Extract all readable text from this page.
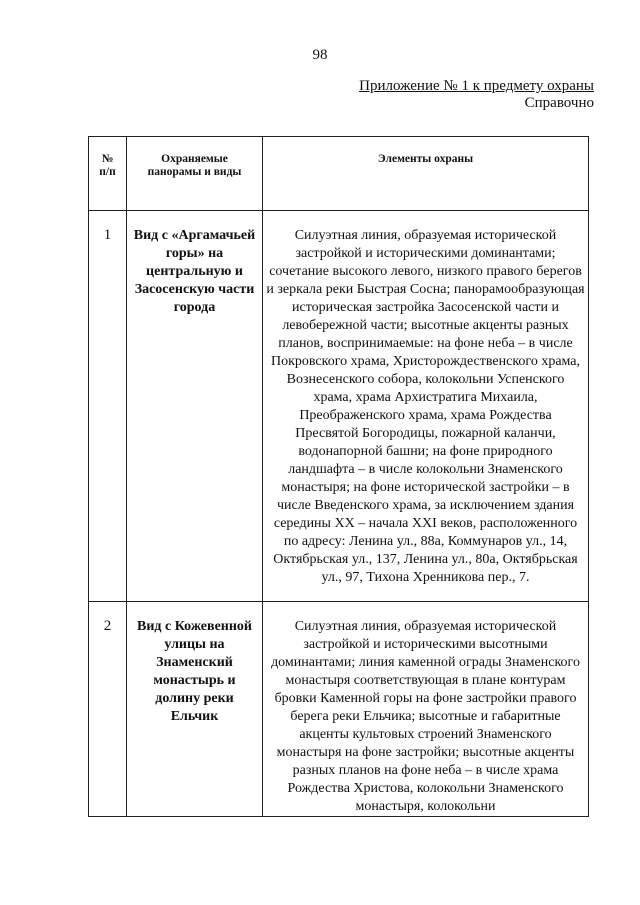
98
Приложение № 1 к предмету охраны
Справочно
№ п/п	Охраняемые панорамы и виды	Элементы охраны
1	Вид с «Аргамачьей горы» на центральную и Засосенскую части города	Силуэтная линия, образуемая исторической застройкой и историческими доминантами; сочетание высокого левого, низкого правого берегов и зеркала реки Быстрая Сосна; панорамообразующая историческая застройка Засосенской части и левобережной части; высотные акценты разных планов, воспринимаемые: на фоне неба – в числе Покровского храма, Христорождественского храма, Вознесенского собора, колокольни Успенского храма, храма Архистратига Михаила, Преображенского храма, храма Рождества Пресвятой Богородицы, пожарной каланчи, водонапорной башни; на фоне природного ландшафта – в числе колокольни Знаменского монастыря; на фоне исторической застройки – в числе Введенского храма, за исключением здания середины XX – начала XXI веков, расположенного по адресу: Ленина ул., 88а, Коммунаров ул., 14, Октябрьская ул., 137, Ленина ул., 80а, Октябрьская ул., 97, Тихона Хренникова пер., 7.
2	Вид с Кожевенной улицы на Знаменский монастырь и долину реки Ельчик	Силуэтная линия, образуемая исторической застройкой и историческими высотными доминантами; линия каменной ограды Знаменского монастыря соответствующая в плане контурам бровки Каменной горы на фоне застройки правого берега реки Ельчика; высотные и габаритные акценты культовых строений Знаменского монастыря на фоне застройки; высотные акценты разных планов на фоне неба – в числе храма Рождества Христова, колокольни Знаменского монастыря, колокольни
